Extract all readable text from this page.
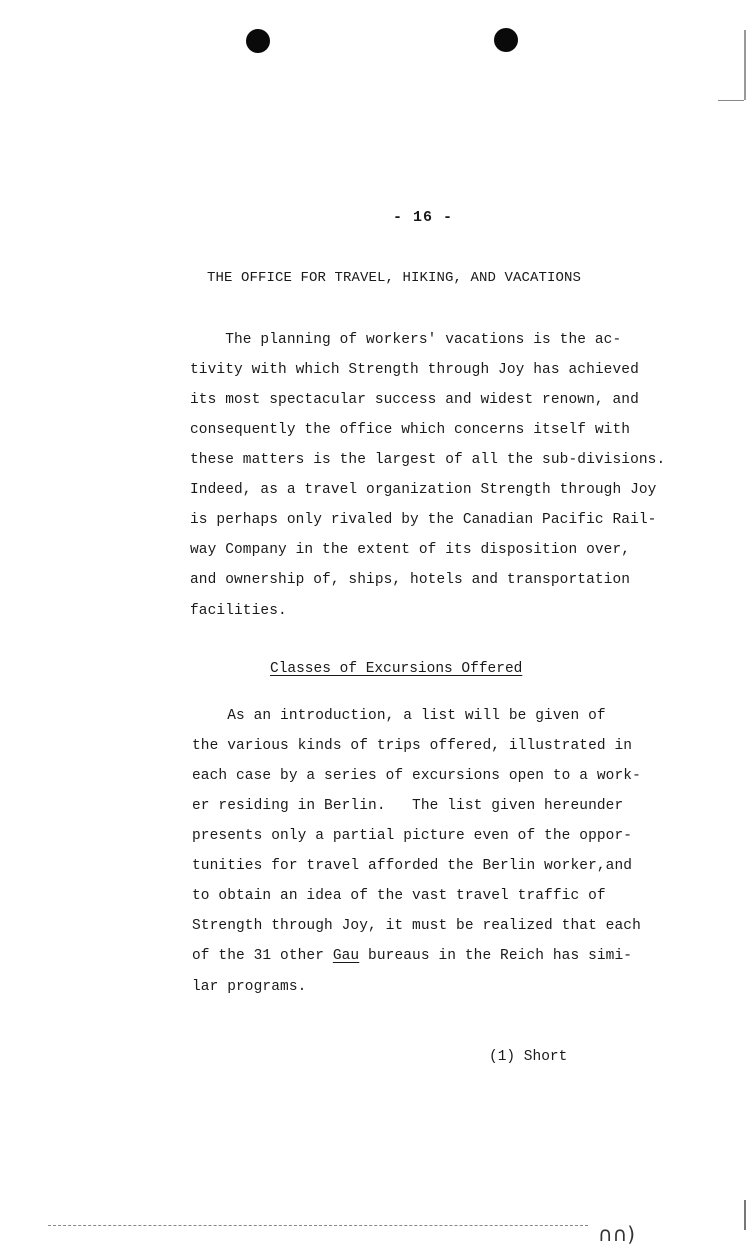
- 16 -
THE OFFICE FOR TRAVEL, HIKING, AND VACATIONS
The planning of workers' vacations is the ac-
tivity with which Strength through Joy has achieved
its most spectacular success and widest renown, and
consequently the office which concerns itself with
these matters is the largest of all the sub-divisions.
Indeed, as a travel organization Strength through Joy
is perhaps only rivaled by the Canadian Pacific Rail-
way Company in the extent of its disposition over,
and ownership of, ships, hotels and transportation
facilities.
Classes of Excursions Offered
As an introduction, a list will be given of
the various kinds of trips offered, illustrated in
each case by a series of excursions open to a work-
er residing in Berlin.   The list given hereunder
presents only a partial picture even of the oppor-
tunities for travel afforded the Berlin worker,and
to obtain an idea of the vast travel traffic of
Strength through Joy, it must be realized that each
of the 31 other Gau bureaus in the Reich has simi-
lar programs.
(1) Short
∩∩)
